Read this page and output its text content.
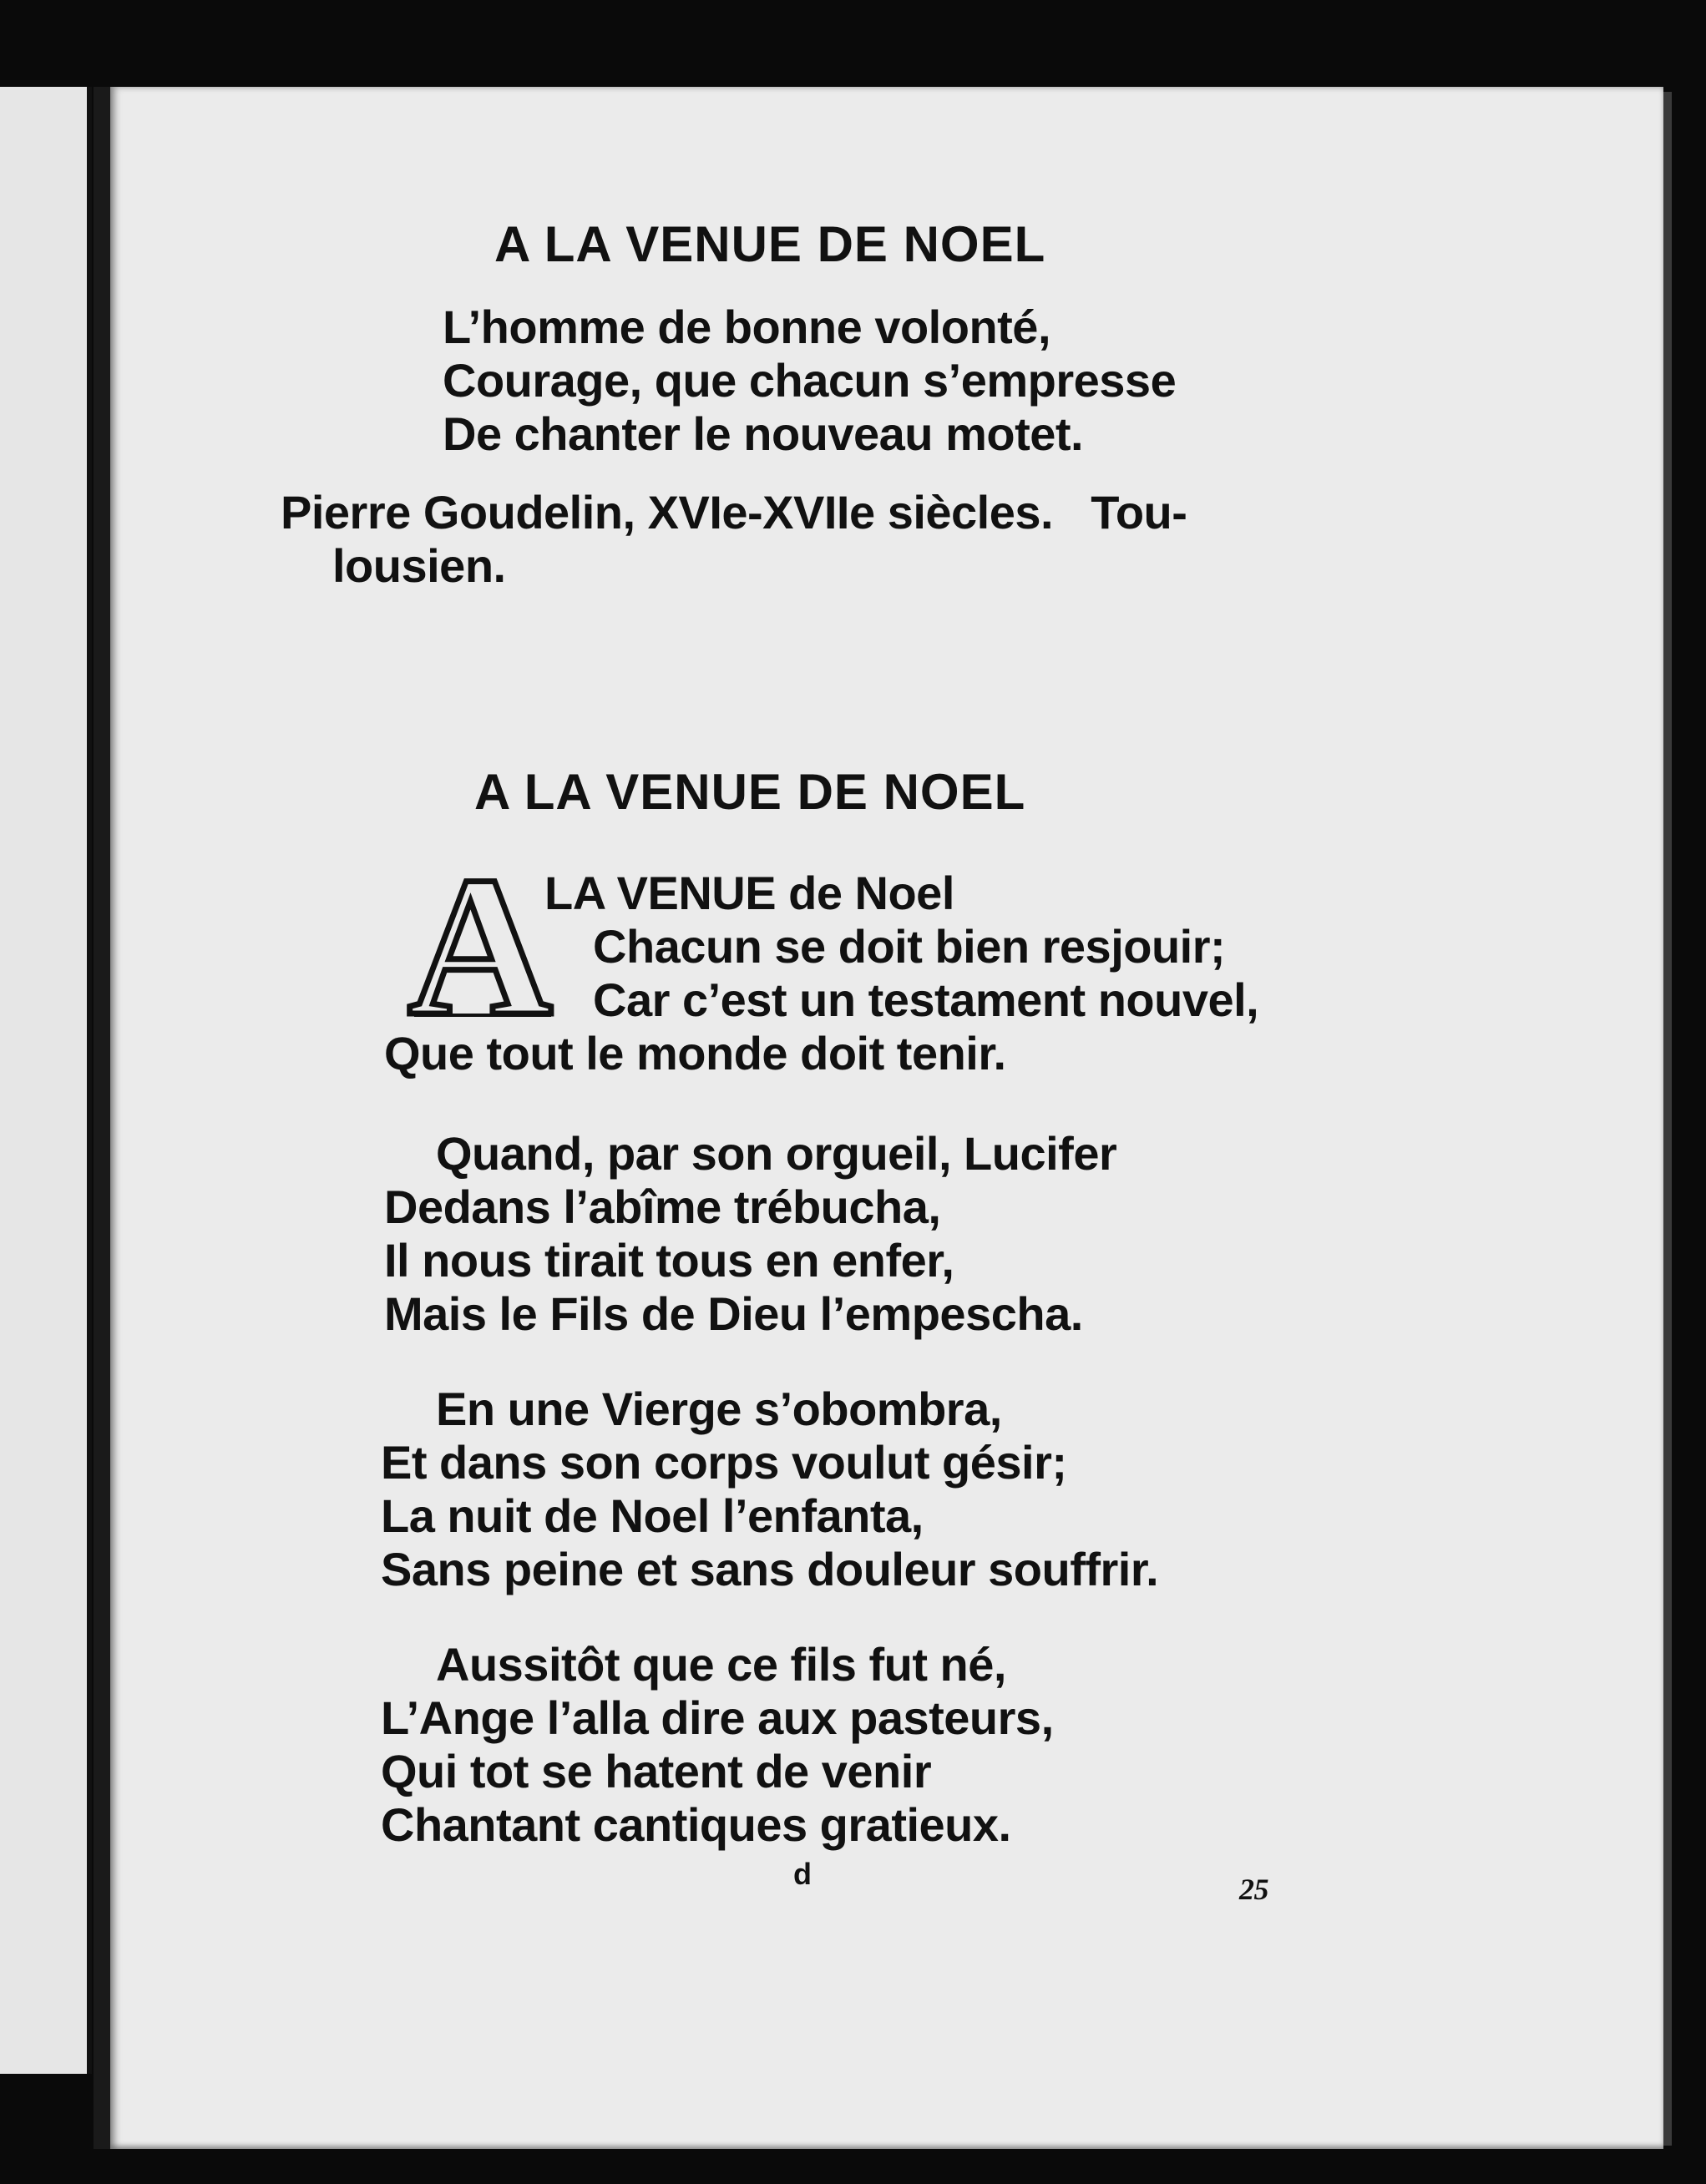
A LA VENUE DE NOEL
L’homme de bonne volonté,
Courage, que chacun s’empresse
De chanter le nouveau motet.
Pierre Goudelin, XVIe-XVIIe siècles.   Tou-
lousien.
A LA VENUE DE NOEL
A
LA VENUE de Noel
Chacun se doit bien resjouir;
Car c’est un testament nouvel,
Que tout le monde doit tenir.
Quand, par son orgueil, Lucifer
Dedans l’abîme trébucha,
Il nous tirait tous en enfer,
Mais le Fils de Dieu l’empescha.
En une Vierge s’obombra,
Et dans son corps voulut gésir;
La nuit de Noel l’enfanta,
Sans peine et sans douleur souffrir.
Aussitôt que ce fils fut né,
L’Ange l’alla dire aux pasteurs,
Qui tot se hatent de venir
Chantant cantiques gratieux.
d	25
